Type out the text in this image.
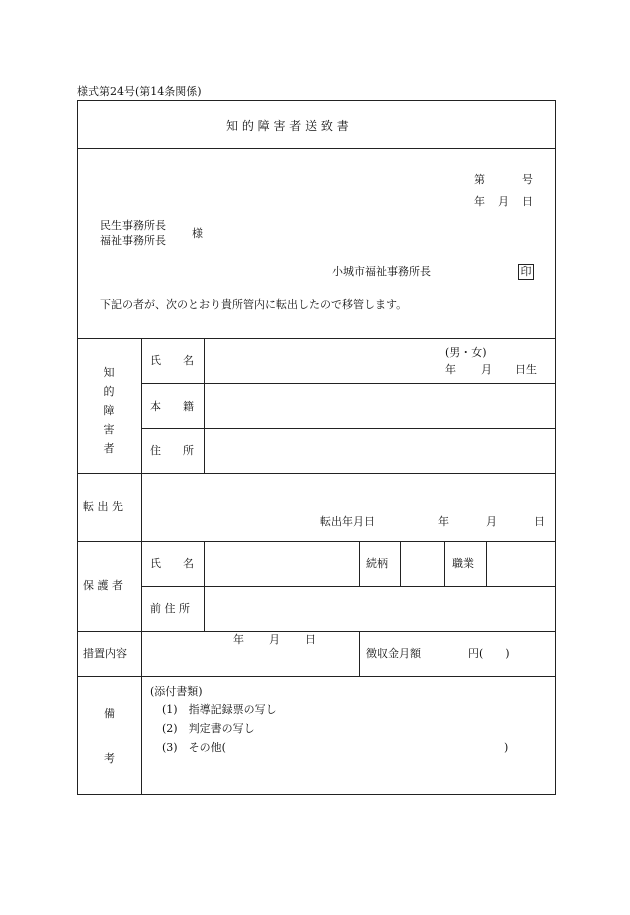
様式第24号(第14条関係)
知 的 障 害 者 送 致 書
第	号
年 月 日
民生事務所長
福祉事務所長
様
小城市福祉事務所長	印
下記の者が、次のとおり貴所管内に転出したので移管します。
知
的
障
害
者
氏　　名
(男・女)
年 月 日生
本　　籍
住　　所
転 出 先
転出年月日	年	月	日
保 護 者
氏　　名	続柄	職業
前 住 所
措置内容
年 月 日
徴収金月額	円(　　)
備
考
(添付書類)
(1)　指導記録票の写し
(2)　判定書の写し
(3)　その他(	)
